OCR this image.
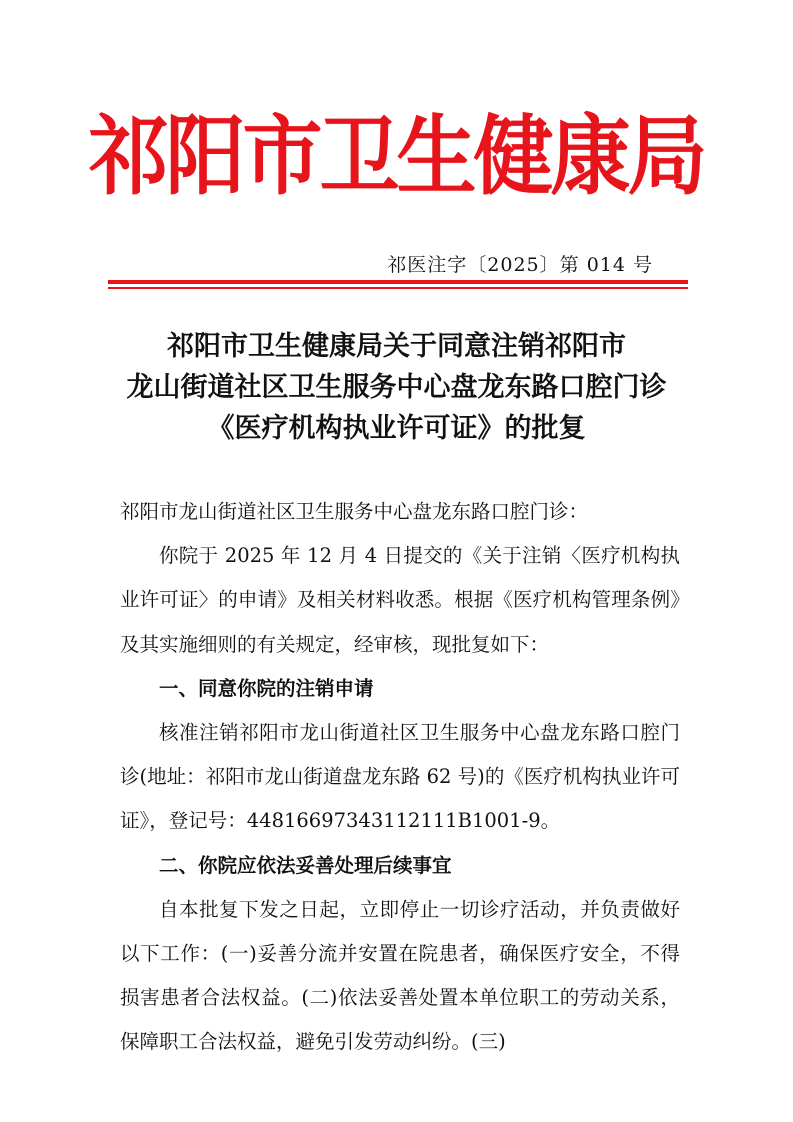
祁阳市卫生健康局
祁医注字〔2025〕第 014 号
祁阳市卫生健康局关于同意注销祁阳市
龙山街道社区卫生服务中心盘龙东路口腔门诊
《医疗机构执业许可证》的批复

祁阳市龙山街道社区卫生服务中心盘龙东路口腔门诊：

你院于 2025 年 12 月 4 日提交的《关于注销〈医疗机构执业许可证〉的申请》及相关材料收悉。根据《医疗机构管理条例》及其实施细则的有关规定，经审核，现批复如下：

一、同意你院的注销申请

核准注销祁阳市龙山街道社区卫生服务中心盘龙东路口腔门诊(地址：祁阳市龙山街道盘龙东路 62 号)的《医疗机构执业许可证》，登记号：44816697343112111B1001-9。

二、你院应依法妥善处理后续事宜

自本批复下发之日起，立即停止一切诊疗活动，并负责做好以下工作：(一)妥善分流并安置在院患者，确保医疗安全，不得损害患者合法权益。(二)依法妥善处置本单位职工的劳动关系，保障职工合法权益，避免引发劳动纠纷。(三)
